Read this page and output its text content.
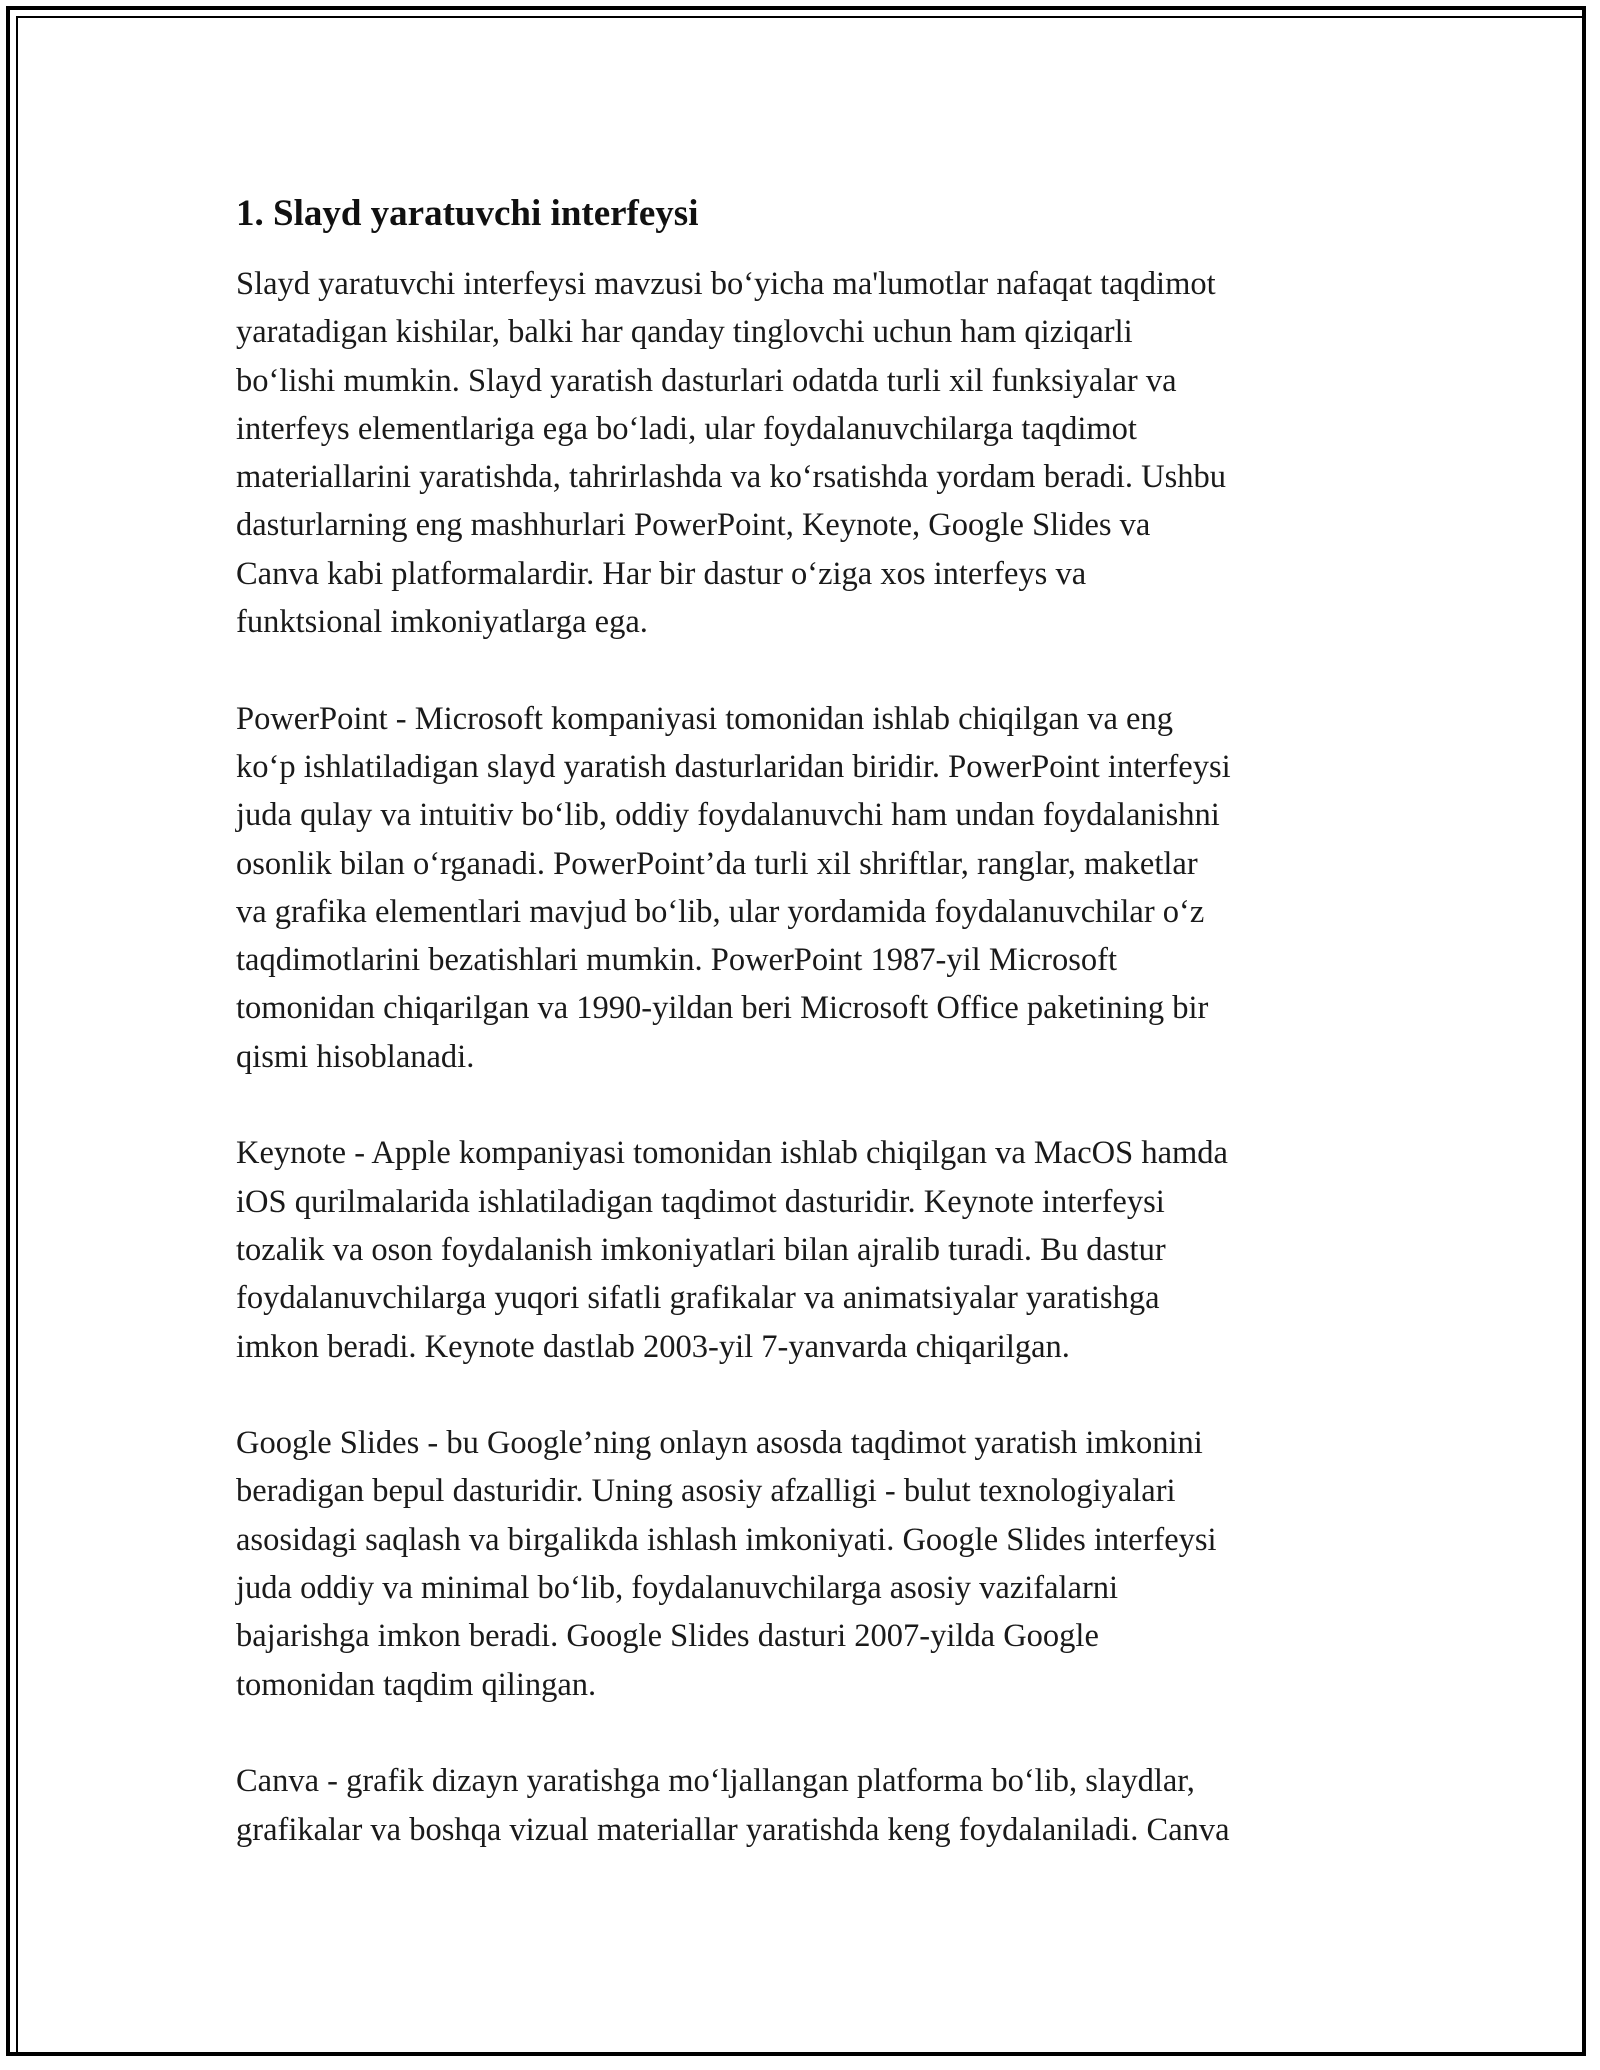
1. Slayd yaratuvchi interfeysi

Slayd yaratuvchi interfeysi mavzusi bo‘yicha ma'lumotlar nafaqat taqdimot
yaratadigan kishilar, balki har qanday tinglovchi uchun ham qiziqarli
bo‘lishi mumkin. Slayd yaratish dasturlari odatda turli xil funksiyalar va
interfeys elementlariga ega bo‘ladi, ular foydalanuvchilarga taqdimot
materiallarini yaratishda, tahrirlashda va ko‘rsatishda yordam beradi. Ushbu
dasturlarning eng mashhurlari PowerPoint, Keynote, Google Slides va
Canva kabi platformalardir. Har bir dastur o‘ziga xos interfeys va
funktsional imkoniyatlarga ega.

PowerPoint - Microsoft kompaniyasi tomonidan ishlab chiqilgan va eng
ko‘p ishlatiladigan slayd yaratish dasturlaridan biridir. PowerPoint interfeysi
juda qulay va intuitiv bo‘lib, oddiy foydalanuvchi ham undan foydalanishni
osonlik bilan o‘rganadi. PowerPoint’da turli xil shriftlar, ranglar, maketlar
va grafika elementlari mavjud bo‘lib, ular yordamida foydalanuvchilar o‘z
taqdimotlarini bezatishlari mumkin. PowerPoint 1987-yil Microsoft
tomonidan chiqarilgan va 1990-yildan beri Microsoft Office paketining bir
qismi hisoblanadi.

Keynote - Apple kompaniyasi tomonidan ishlab chiqilgan va MacOS hamda
iOS qurilmalarida ishlatiladigan taqdimot dasturidir. Keynote interfeysi
tozalik va oson foydalanish imkoniyatlari bilan ajralib turadi. Bu dastur
foydalanuvchilarga yuqori sifatli grafikalar va animatsiyalar yaratishga
imkon beradi. Keynote dastlab 2003-yil 7-yanvarda chiqarilgan.

Google Slides - bu Google’ning onlayn asosda taqdimot yaratish imkonini
beradigan bepul dasturidir. Uning asosiy afzalligi - bulut texnologiyalari
asosidagi saqlash va birgalikda ishlash imkoniyati. Google Slides interfeysi
juda oddiy va minimal bo‘lib, foydalanuvchilarga asosiy vazifalarni
bajarishga imkon beradi. Google Slides dasturi 2007-yilda Google
tomonidan taqdim qilingan.

Canva - grafik dizayn yaratishga mo‘ljallangan platforma bo‘lib, slaydlar,
grafikalar va boshqa vizual materiallar yaratishda keng foydalaniladi. Canva
